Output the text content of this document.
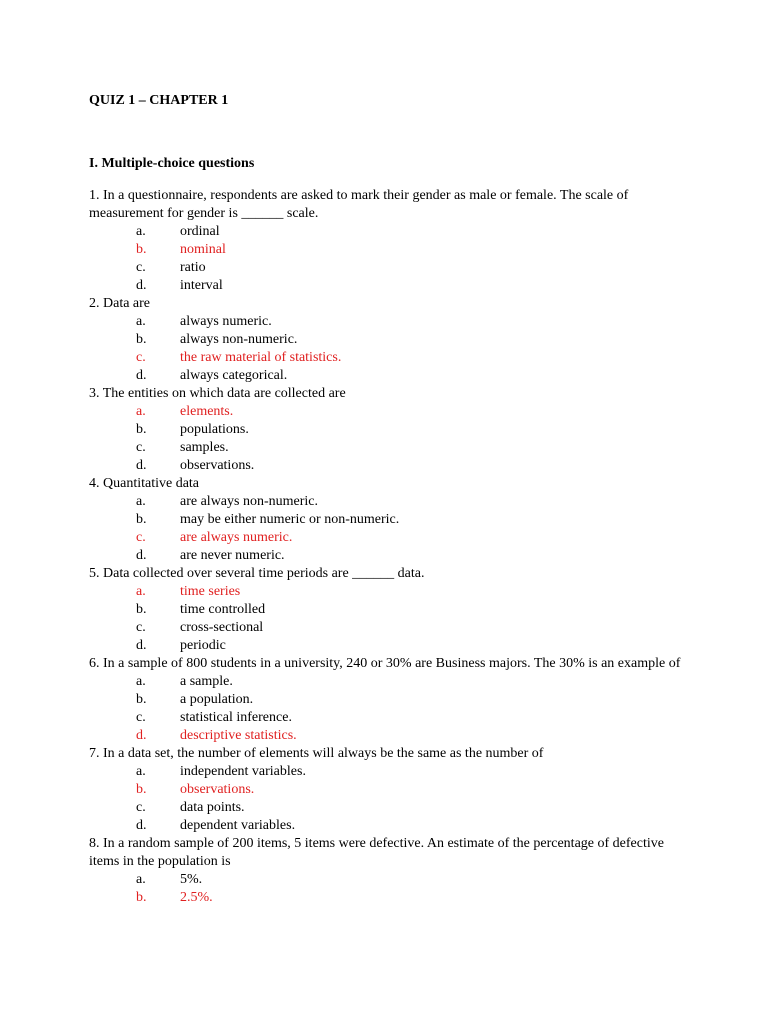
QUIZ 1 – CHAPTER 1
I. Multiple-choice questions

1. In a questionnaire, respondents are asked to mark their gender as male or female. The scale of measurement for gender is ______ scale.

a. ordinal
b. nominal
c. ratio
d. interval

2. Data are

a. always numeric.
b. always non-numeric.
c. the raw material of statistics.
d. always categorical.

3. The entities on which data are collected are

a. elements.
b. populations.
c. samples.
d. observations.

4. Quantitative data

a. are always non-numeric.
b. may be either numeric or non-numeric.
c. are always numeric.
d. are never numeric.

5. Data collected over several time periods are ______ data.

a. time series
b. time controlled
c. cross-sectional
d. periodic

6. In a sample of 800 students in a university, 240 or 30% are Business majors. The 30% is an example of

a. a sample.
b. a population.
c. statistical inference.
d. descriptive statistics.

7. In a data set, the number of elements will always be the same as the number of

a. independent variables.
b. observations.
c. data points.
d. dependent variables.

8. In a random sample of 200 items, 5 items were defective. An estimate of the percentage of defective items in the population is

a. 5%.
b. 2.5%.
